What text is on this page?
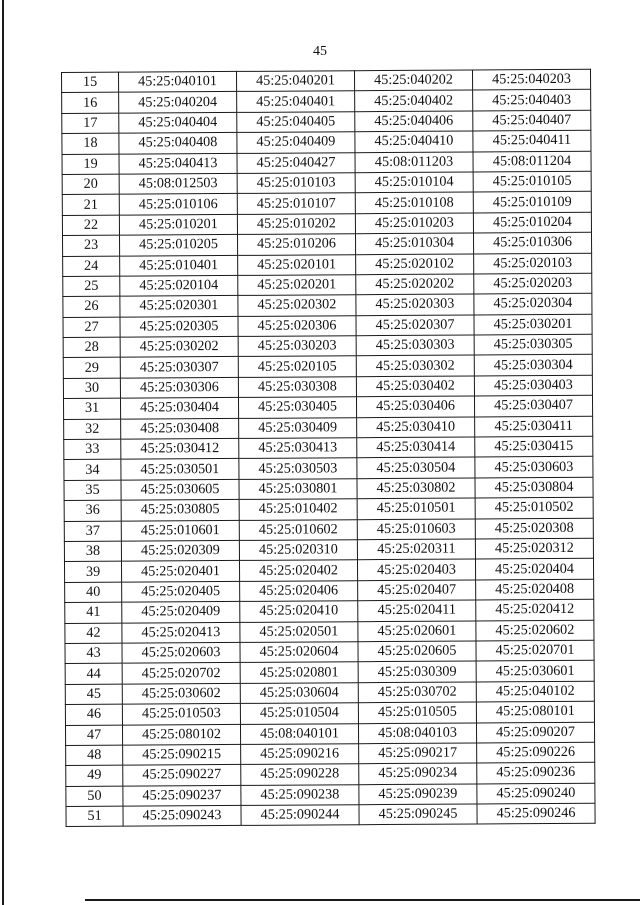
45
15	45:25:040101	45:25:040201	45:25:040202	45:25:040203
16	45:25:040204	45:25:040401	45:25:040402	45:25:040403
17	45:25:040404	45:25:040405	45:25:040406	45:25:040407
18	45:25:040408	45:25:040409	45:25:040410	45:25:040411
19	45:25:040413	45:25:040427	45:08:011203	45:08:011204
20	45:08:012503	45:25:010103	45:25:010104	45:25:010105
21	45:25:010106	45:25:010107	45:25:010108	45:25:010109
22	45:25:010201	45:25:010202	45:25:010203	45:25:010204
23	45:25:010205	45:25:010206	45:25:010304	45:25:010306
24	45:25:010401	45:25:020101	45:25:020102	45:25:020103
25	45:25:020104	45:25:020201	45:25:020202	45:25:020203
26	45:25:020301	45:25:020302	45:25:020303	45:25:020304
27	45:25:020305	45:25:020306	45:25:020307	45:25:030201
28	45:25:030202	45:25:030203	45:25:030303	45:25:030305
29	45:25:030307	45:25:020105	45:25:030302	45:25:030304
30	45:25:030306	45:25:030308	45:25:030402	45:25:030403
31	45:25:030404	45:25:030405	45:25:030406	45:25:030407
32	45:25:030408	45:25:030409	45:25:030410	45:25:030411
33	45:25:030412	45:25:030413	45:25:030414	45:25:030415
34	45:25:030501	45:25:030503	45:25:030504	45:25:030603
35	45:25:030605	45:25:030801	45:25:030802	45:25:030804
36	45:25:030805	45:25:010402	45:25:010501	45:25:010502
37	45:25:010601	45:25:010602	45:25:010603	45:25:020308
38	45:25:020309	45:25:020310	45:25:020311	45:25:020312
39	45:25:020401	45:25:020402	45:25:020403	45:25:020404
40	45:25:020405	45:25:020406	45:25:020407	45:25:020408
41	45:25:020409	45:25:020410	45:25:020411	45:25:020412
42	45:25:020413	45:25:020501	45:25:020601	45:25:020602
43	45:25:020603	45:25:020604	45:25:020605	45:25:020701
44	45:25:020702	45:25:020801	45:25:030309	45:25:030601
45	45:25:030602	45:25:030604	45:25:030702	45:25:040102
46	45:25:010503	45:25:010504	45:25:010505	45:25:080101
47	45:25:080102	45:08:040101	45:08:040103	45:25:090207
48	45:25:090215	45:25:090216	45:25:090217	45:25:090226
49	45:25:090227	45:25:090228	45:25:090234	45:25:090236
50	45:25:090237	45:25:090238	45:25:090239	45:25:090240
51	45:25:090243	45:25:090244	45:25:090245	45:25:090246
